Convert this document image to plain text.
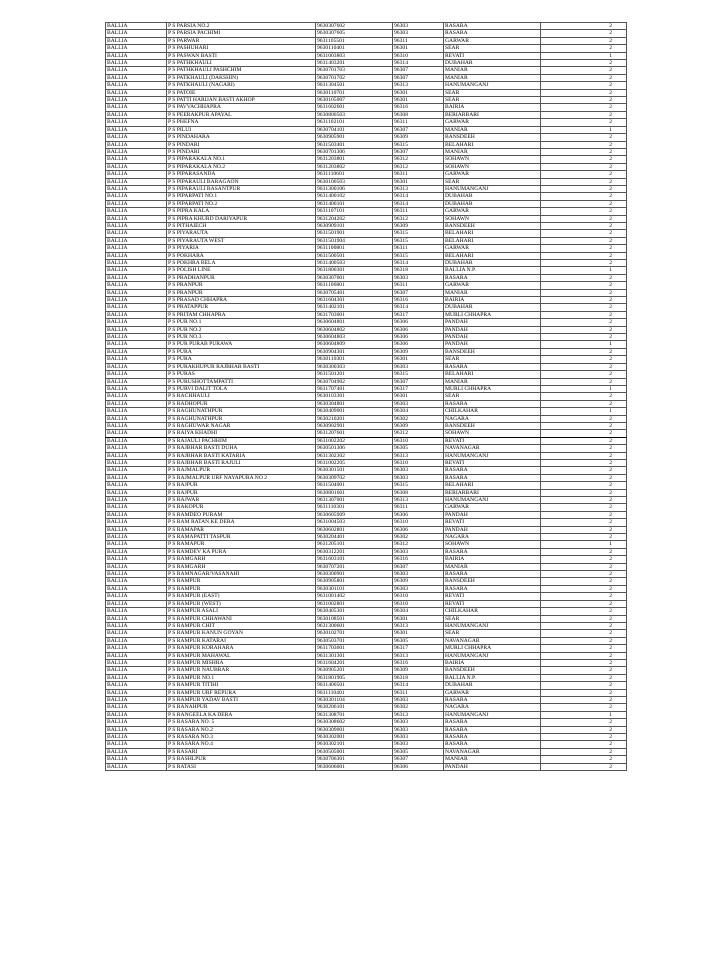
BALLIA	P S PARSIA NO.2	9630307602	96303	RASARA	2
BALLIA	P S PARSIA PACHIMI	9630307605	96303	RASARA	2
BALLIA	P S PARWAR	9631105501	96311	GARWAR	2
BALLIA	P S PASHUHARI	9630110401	96301	SEAR	2
BALLIA	P S PASWAN BASTI	9631003803	96310	REVATI	1
BALLIA	P S PATHKHAULI	9631403201	96314	DUBAHAR	2
BALLIA	P S PATHKHAULI PASHCHIM	9630701703	96307	MANIAR	2
BALLIA	P S PATKHAULI (DAKSHIN)	9630701702	96307	MANIAR	2
BALLIA	P S PATKHAULI (NAGARI)	9631304501	96313	HANUMANGANJ	2
BALLIA	P S PATOIE	9630110701	96301	SEAR	2
BALLIA	P S PATTI HARIJAN BASTI AKHOP	9630105007	96301	SEAR	2
BALLIA	P S PAVVACHHAPRA	9631602601	96316	BAIRIA	2
BALLIA	P S PEERAKPUR APAYAL	9630800503	96308	BERIARBARI	2
BALLIA	P S PHEFNA	9631102101	96311	GARWAR	2
BALLIA	P S PILUI	9630704101	96307	MANIAR	1
BALLIA	P S PINDAHARA	9630905901	96309	BANSDEEH	2
BALLIA	P S PINDARI	9631503401	96315	BELAHARI	2
BALLIA	P S PINDARI	9630701306	96307	MANIAR	2
BALLIA	P S PIPARAKALA NO.1	9631203801	96312	SOHAWN	2
BALLIA	P S PIPARAKALA NO.2	9631203802	96312	SOHAWN	2
BALLIA	P S PIPARASANDA	9631110601	96311	GARWAR	2
BALLIA	P S PIPARAULI BARAGAON	9630100503	96301	SEAR	2
BALLIA	P S PIPARAULI BASANTPUR	9631300106	96313	HANUMANGANJ	2
BALLIA	P S PIPARPATI NO.1	9631400102	96314	DUBAHAR	2
BALLIA	P S PIPARPATI NO.2	9631400101	96314	DUBAHAR	2
BALLIA	P S PIPRA KALA	9631107101	96311	GARWAR	2
BALLIA	P S PIPRA KHURD DARIYAPUR	9631204202	96312	SOHAWN	2
BALLIA	P S PITHAIECH	9630909101	96309	BANSDEEH	2
BALLIA	P S PIYARAUTA	9631501901	96315	BELAHARI	2
BALLIA	P S PIYARAUTA WEST	9631501904	96315	BELAHARI	2
BALLIA	P S PIYARIA	9631100801	96311	GARWAR	2
BALLIA	P S POKHARA	9631500501	96315	BELAHARI	2
BALLIA	P S POKHRA BELA	9631400503	96314	DUBAHAR	2
BALLIA	P S POLISH LINE	9631800301	96318	BALLIA N.P.	1
BALLIA	P S PRADHANPUR	9630307001	96303	RASARA	2
BALLIA	P S PRANPUR	9631106801	96311	GARWAR	2
BALLIA	P S PRANPUR	9630705401	96307	MANIAR	2
BALLIA	P S PRASAD CHHAPRA	9631604301	96316	BAIRIA	2
BALLIA	P S PRATAPPUR	9631402101	96314	DUBAHAR	2
BALLIA	P S PRITAM CHHAPRA	9631703001	96317	MURLI CHHAPRA	2
BALLIA	P S PUR NO.1	9630604801	96306	PANDAH	2
BALLIA	P S PUR NO.2	9630604802	96306	PANDAH	2
BALLIA	P S PUR NO.3	9630604803	96306	PANDAH	2
BALLIA	P S PUR PURAB PURAWA	9630604809	96306	PANDAH	1
BALLIA	P S PURA	9630904301	96309	BANSDEEH	2
BALLIA	P S PURA	9630110301	96301	SEAR	2
BALLIA	P S PURAKHUPUR RAJBHAR BASTI	9630300303	96303	RASARA	2
BALLIA	P S PURAS	9631501201	96315	BELAHARI	2
BALLIA	P S PURUSHOTTAMPATTI	9630704902	96307	MANIAR	2
BALLIA	P S PURVI DALIT TOLA	9631707401	96317	MURLI CHHAPRA	1
BALLIA	P S RACHHAULI	9630103301	96301	SEAR	2
BALLIA	P S RADHOPUR	9630304801	96303	RASARA	2
BALLIA	P S RAGHUNATHPUR	9630409001	96304	CHILKAHAR	1
BALLIA	P S RAGHUNATHPUR	9630210201	96302	NAGARA	2
BALLIA	P S RAGHUWAR NAGAR	9630902901	96309	BANSDEEH	2
BALLIA	P S RAIYA KHADHI	9631207601	96312	SOHAWN	2
BALLIA	P S RAJAULI PACHHIM	9631002202	96310	REVATI	2
BALLIA	P S RAJBHAR BASTI DUHA	9630501306	96305	NAVANAGAR	2
BALLIA	P S RAJBHAR BASTI KATARIA	9631302302	96313	HANUMANGANJ	2
BALLIA	P S RAJBHAR BASTI RAJULI	9631002205	96310	REVATI	2
BALLIA	P S RAJMALPUR	9630301501	96303	RASARA	2
BALLIA	P S RAJMALPUR URF NAYAPURA NO 2	9630309702	96303	RASARA	2
BALLIA	P S RAJPUR	9631504001	96315	BELAHARI	2
BALLIA	P S RAJPUR	9630801601	96308	BERIARBARI	2
BALLIA	P S RAJWAR	9631307001	96313	HANUMANGANJ	2
BALLIA	P S RAKOPUR	9631110301	96311	GARWAR	2
BALLIA	P S RAMDEO PURAM	9630605909	96306	PANDAH	2
BALLIA	P S RAM RATAN KE DERA	9631004503	96310	REVATI	2
BALLIA	P S RAMAPAR	9630602801	96306	PANDAH	2
BALLIA	P S RAMAPATTI TASPUR	9630204401	96302	NAGARA	2
BALLIA	P S RAMAPUR	9631205101	96312	SOHAWN	1
BALLIA	P S RAMDEV KA PURA	9630312201	96303	RASARA	2
BALLIA	P S RAMGARH	9631603101	96316	BAIRIA	2
BALLIA	P S RAMGARH	9630707201	96307	MANIAR	2
BALLIA	P S RAMNAGAR/VASANAHI	9630300901	96303	RASARA	2
BALLIA	P S RAMPUR	9630905801	96309	BANSDEEH	2
BALLIA	P S RAMPUR	9630301101	96303	RASARA	2
BALLIA	P S RAMPUR (EAST)	9631001402	96310	REVATI	2
BALLIA	P S RAMPUR (WEST)	9631002801	96310	REVATI	2
BALLIA	P S RAMPUR ASALI	9630405301	96304	CHILKAHAR	2
BALLIA	P S RAMPUR CHHAWANI	9630108501	96301	SEAR	2
BALLIA	P S RAMPUR CHIT	9631300601	96313	HANUMANGANJ	2
BALLIA	P S RAMPUR KANUN GOYAN	9630102701	96301	SEAR	2
BALLIA	P S RAMPUR KATARAI	9630503701	96305	NAVANAGAR	2
BALLIA	P S RAMPUR KORAHARA	9631703601	96317	MURLI CHHAPRA	2
BALLIA	P S RAMPUR MAHAWAL	9631301301	96313	HANUMANGANJ	2
BALLIA	P S RAMPUR MISHRA	9631604201	96316	BAIRIA	2
BALLIA	P S RAMPUR NAUBRAR	9630905201	96309	BANSDEEH	2
BALLIA	P S RAMPUR NO.1	9631801905	96318	BALLIA N.P.	2
BALLIA	P S RAMPUR TITIHI	9631400501	96314	DUBAHAR	2
BALLIA	P S RAMPUR URF REPURA	9631110401	96311	GARWAR	2
BALLIA	P S RAMPUR YADAV BASTI	9630301104	96303	RASARA	2
BALLIA	P S RANAHPUR	9630206101	96302	NAGARA	2
BALLIA	P S RANGEELA KA DERA	9631308701	96313	HANUMANGANJ	1
BALLIA	P S RASARA NO. 5	9630308602	96303	RASARA	2
BALLIA	P S RASARA NO.2	9630309001	96303	RASARA	2
BALLIA	P S RASARA NO.3	9630302001	96303	RASARA	2
BALLIA	P S RASARA NO.4	9630302101	96303	RASARA	2
BALLIA	P S RASARI	9630505001	96305	NAVANAGAR	2
BALLIA	P S RASHLPUR	9630706301	96307	MANIAR	2
BALLIA	P S RATASI	9630606001	96306	PANDAH	2
